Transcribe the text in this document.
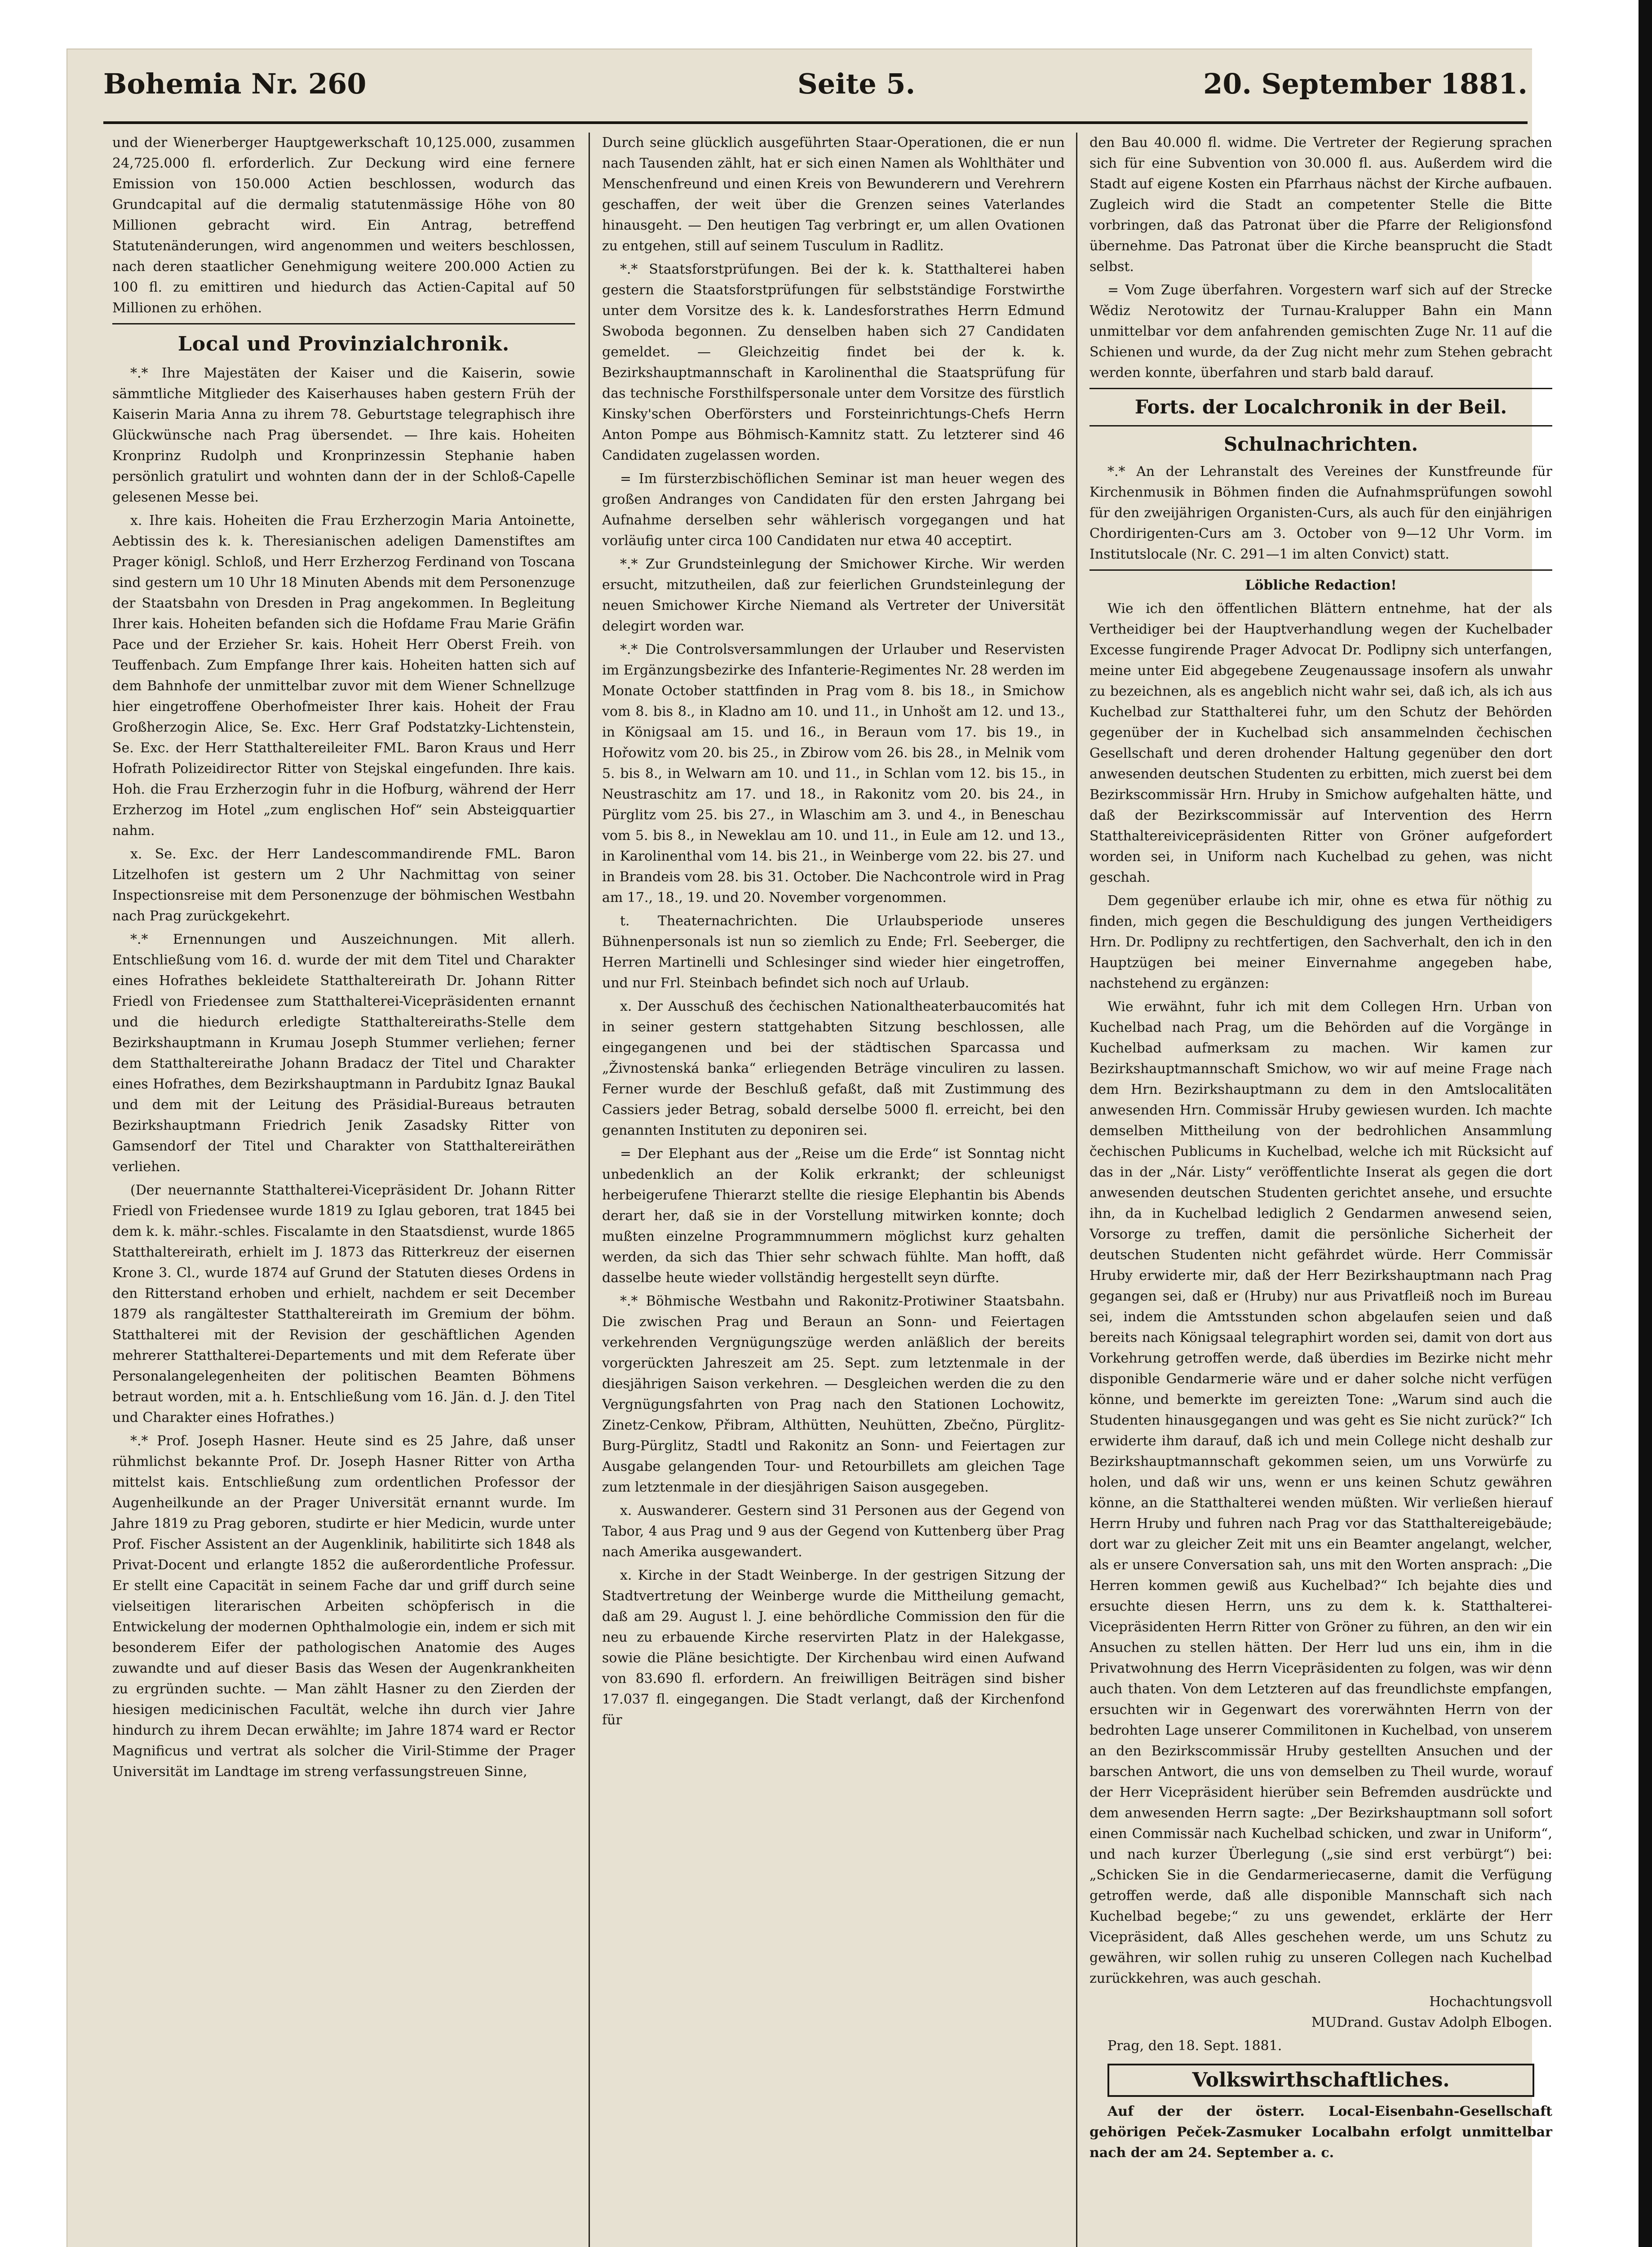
Bohemia Nr. 260	Seite 5.	20. September 1881.

und der Wienerberger Hauptgewerkschaft 10,125.000, zusammen 24,725.000 fl. erforderlich. Zur Deckung wird eine fernere Emission von 150.000 Actien beschlossen, wodurch das Grundcapital auf die dermalig statutenmässige Höhe von 80 Millionen gebracht wird. Ein Antrag, betreffend Statutenänderungen, wird angenommen und weiters beschlossen, nach deren staatlicher Genehmigung weitere 200.000 Actien zu 100 fl. zu emittiren und hiedurch das Actien-Capital auf 50 Millionen zu erhöhen.

Local und Provinzialchronik.

*.* Ihre Majestäten der Kaiser und die Kaiserin, sowie sämmtliche Mitglieder des Kaiserhauses haben gestern Früh der Kaiserin Maria Anna zu ihrem 78. Geburtstage telegraphisch ihre Glückwünsche nach Prag übersendet. — Ihre kais. Hoheiten Kronprinz Rudolph und Kronprinzessin Stephanie haben persönlich gratulirt und wohnten dann der in der Schloß-Capelle gelesenen Messe bei.

x. Ihre kais. Hoheiten die Frau Erzherzogin Maria Antoinette, Aebtissin des k. k. Theresianischen adeligen Damenstiftes am Prager königl. Schloß, und Herr Erzherzog Ferdinand von Toscana sind gestern um 10 Uhr 18 Minuten Abends mit dem Personenzuge der Staatsbahn von Dresden in Prag angekommen. In Begleitung Ihrer kais. Hoheiten befanden sich die Hofdame Frau Marie Gräfin Pace und der Erzieher Sr. kais. Hoheit Herr Oberst Freih. von Teuffenbach. Zum Empfange Ihrer kais. Hoheiten hatten sich auf dem Bahnhofe der unmittelbar zuvor mit dem Wiener Schnellzuge hier eingetroffene Oberhofmeister Ihrer kais. Hoheit der Frau Großherzogin Alice, Se. Exc. Herr Graf Podstatzky-Lichtenstein, Se. Exc. der Herr Statthaltereileiter FML. Baron Kraus und Herr Hofrath Polizeidirector Ritter von Stejskal eingefunden. Ihre kais. Hoh. die Frau Erzherzogin fuhr in die Hofburg, während der Herr Erzherzog im Hotel „zum englischen Hof“ sein Absteigquartier nahm.

x. Se. Exc. der Herr Landescommandirende FML. Baron Litzelhofen ist gestern um 2 Uhr Nachmittag von seiner Inspectionsreise mit dem Personenzuge der böhmischen Westbahn nach Prag zurückgekehrt.

*.* Ernennungen und Auszeichnungen. Mit allerh. Entschließung vom 16. d. wurde der mit dem Titel und Charakter eines Hofrathes bekleidete Statthaltereirath Dr. Johann Ritter Friedl von Friedensee zum Statthalterei-Vicepräsidenten ernannt und die hiedurch erledigte Statthaltereiraths-Stelle dem Bezirkshauptmann in Krumau Joseph Stummer verliehen; ferner dem Statthaltereirathe Johann Bradacz der Titel und Charakter eines Hofrathes, dem Bezirkshauptmann in Pardubitz Ignaz Baukal und dem mit der Leitung des Präsidial-Bureaus betrauten Bezirkshauptmann Friedrich Jenik Zasadsky Ritter von Gamsendorf der Titel und Charakter von Statthaltereiräthen verliehen.

(Der neuernannte Statthalterei-Vicepräsident Dr. Johann Ritter Friedl von Friedensee wurde 1819 zu Iglau geboren, trat 1845 bei dem k. k. mähr.-schles. Fiscalamte in den Staatsdienst, wurde 1865 Statthaltereirath, erhielt im J. 1873 das Ritterkreuz der eisernen Krone 3. Cl., wurde 1874 auf Grund der Statuten dieses Ordens in den Ritterstand erhoben und erhielt, nachdem er seit December 1879 als rangältester Statthaltereirath im Gremium der böhm. Statthalterei mit der Revision der geschäftlichen Agenden mehrerer Statthalterei-Departements und mit dem Referate über Personalangelegenheiten der politischen Beamten Böhmens betraut worden, mit a. h. Entschließung vom 16. Jän. d. J. den Titel und Charakter eines Hofrathes.)

*.* Prof. Joseph Hasner. Heute sind es 25 Jahre, daß unser rühmlichst bekannte Prof. Dr. Joseph Hasner Ritter von Artha mittelst kais. Entschließung zum ordentlichen Professor der Augenheilkunde an der Prager Universität ernannt wurde. Im Jahre 1819 zu Prag geboren, studirte er hier Medicin, wurde unter Prof. Fischer Assistent an der Augenklinik, habilitirte sich 1848 als Privat-Docent und erlangte 1852 die außerordentliche Professur. Er stellt eine Capacität in seinem Fache dar und griff durch seine vielseitigen literarischen Arbeiten schöpferisch in die Entwickelung der modernen Ophthalmologie ein, indem er sich mit besonderem Eifer der pathologischen Anatomie des Auges zuwandte und auf dieser Basis das Wesen der Augenkrankheiten zu ergründen suchte. — Man zählt Hasner zu den Zierden der hiesigen medicinischen Facultät, welche ihn durch vier Jahre hindurch zu ihrem Decan erwählte; im Jahre 1874 ward er Rector Magnificus und vertrat als solcher die Viril-Stimme der Prager Universität im Landtage im streng verfassungstreuen Sinne,

Durch seine glücklich ausgeführten Staar-Operationen, die er nun nach Tausenden zählt, hat er sich einen Namen als Wohlthäter und Menschenfreund und einen Kreis von Bewunderern und Verehrern geschaffen, der weit über die Grenzen seines Vaterlandes hinausgeht. — Den heutigen Tag verbringt er, um allen Ovationen zu entgehen, still auf seinem Tusculum in Radlitz.

*.* Staatsforstprüfungen. Bei der k. k. Statthalterei haben gestern die Staatsforstprüfungen für selbstständige Forstwirthe unter dem Vorsitze des k. k. Landesforstrathes Herrn Edmund Swoboda begonnen. Zu denselben haben sich 27 Candidaten gemeldet. — Gleichzeitig findet bei der k. k. Bezirkshauptmannschaft in Karolinenthal die Staatsprüfung für das technische Forsthilfspersonale unter dem Vorsitze des fürstlich Kinsky'schen Oberförsters und Forsteinrichtungs-Chefs Herrn Anton Pompe aus Böhmisch-Kamnitz statt. Zu letzterer sind 46 Candidaten zugelassen worden.

= Im fürsterzbischöflichen Seminar ist man heuer wegen des großen Andranges von Candidaten für den ersten Jahrgang bei Aufnahme derselben sehr wählerisch vorgegangen und hat vorläufig unter circa 100 Candidaten nur etwa 40 acceptirt.

*.* Zur Grundsteinlegung der Smichower Kirche. Wir werden ersucht, mitzutheilen, daß zur feierlichen Grundsteinlegung der neuen Smichower Kirche Niemand als Vertreter der Universität delegirt worden war.

*.* Die Controlsversammlungen der Urlauber und Reservisten im Ergänzungsbezirke des Infanterie-Regimentes Nr. 28 werden im Monate October stattfinden in Prag vom 8. bis 18., in Smichow vom 8. bis 8., in Kladno am 10. und 11., in Unhošt am 12. und 13., in Königsaal am 15. und 16., in Beraun vom 17. bis 19., in Hořowitz vom 20. bis 25., in Zbirow vom 26. bis 28., in Melnik vom 5. bis 8., in Welwarn am 10. und 11., in Schlan vom 12. bis 15., in Neustraschitz am 17. und 18., in Rakonitz vom 20. bis 24., in Pürglitz vom 25. bis 27., in Wlaschim am 3. und 4., in Beneschau vom 5. bis 8., in Neweklau am 10. und 11., in Eule am 12. und 13., in Karolinenthal vom 14. bis 21., in Weinberge vom 22. bis 27. und in Brandeis vom 28. bis 31. October. Die Nachcontrole wird in Prag am 17., 18., 19. und 20. November vorgenommen.

t. Theaternachrichten. Die Urlaubsperiode unseres Bühnenpersonals ist nun so ziemlich zu Ende; Frl. Seeberger, die Herren Martinelli und Schlesinger sind wieder hier eingetroffen, und nur Frl. Steinbach befindet sich noch auf Urlaub.

x. Der Ausschuß des čechischen Nationaltheaterbaucomités hat in seiner gestern stattgehabten Sitzung beschlossen, alle eingegangenen und bei der städtischen Sparcassa und „Živnostenská banka“ erliegenden Beträge vinculiren zu lassen. Ferner wurde der Beschluß gefaßt, daß mit Zustimmung des Cassiers jeder Betrag, sobald derselbe 5000 fl. erreicht, bei den genannten Instituten zu deponiren sei.

= Der Elephant aus der „Reise um die Erde“ ist Sonntag nicht unbedenklich an der Kolik erkrankt; der schleunigst herbeigerufene Thierarzt stellte die riesige Elephantin bis Abends derart her, daß sie in der Vorstellung mitwirken konnte; doch mußten einzelne Programmnummern möglichst kurz gehalten werden, da sich das Thier sehr schwach fühlte. Man hofft, daß dasselbe heute wieder vollständig hergestellt seyn dürfte.

*.* Böhmische Westbahn und Rakonitz-Protiwiner Staatsbahn. Die zwischen Prag und Beraun an Sonn- und Feiertagen verkehrenden Vergnügungszüge werden anläßlich der bereits vorgerückten Jahreszeit am 25. Sept. zum letztenmale in der diesjährigen Saison verkehren. — Desgleichen werden die zu den Vergnügungsfahrten von Prag nach den Stationen Lochowitz, Zinetz-Cenkow, Přibram, Althütten, Neuhütten, Zbečno, Pürglitz-Burg-Pürglitz, Stadtl und Rakonitz an Sonn- und Feiertagen zur Ausgabe gelangenden Tour- und Retourbillets am gleichen Tage zum letztenmale in der diesjährigen Saison ausgegeben.

x. Auswanderer. Gestern sind 31 Personen aus der Gegend von Tabor, 4 aus Prag und 9 aus der Gegend von Kuttenberg über Prag nach Amerika ausgewandert.

x. Kirche in der Stadt Weinberge. In der gestrigen Sitzung der Stadtvertretung der Weinberge wurde die Mittheilung gemacht, daß am 29. August l. J. eine behördliche Commission den für die neu zu erbauende Kirche reservirten Platz in der Halekgasse, sowie die Pläne besichtigte. Der Kirchenbau wird einen Aufwand von 83.690 fl. erfordern. An freiwilligen Beiträgen sind bisher 17.037 fl. eingegangen. Die Stadt verlangt, daß der Kirchenfond für

den Bau 40.000 fl. widme. Die Vertreter der Regierung sprachen sich für eine Subvention von 30.000 fl. aus. Außerdem wird die Stadt auf eigene Kosten ein Pfarrhaus nächst der Kirche aufbauen. Zugleich wird die Stadt an competenter Stelle die Bitte vorbringen, daß das Patronat über die Pfarre der Religionsfond übernehme. Das Patronat über die Kirche beansprucht die Stadt selbst.

= Vom Zuge überfahren. Vorgestern warf sich auf der Strecke Wědiz Nerotowitz der Turnau-Kralupper Bahn ein Mann unmittelbar vor dem anfahrenden gemischten Zuge Nr. 11 auf die Schienen und wurde, da der Zug nicht mehr zum Stehen gebracht werden konnte, überfahren und starb bald darauf.

Forts. der Localchronik in der Beil.
Schulnachrichten.

*.* An der Lehranstalt des Vereines der Kunstfreunde für Kirchenmusik in Böhmen finden die Aufnahmsprüfungen sowohl für den zweijährigen Organisten-Curs, als auch für den einjährigen Chordirigenten-Curs am 3. October von 9—12 Uhr Vorm. im Institutslocale (Nr. C. 291—1 im alten Convict) statt.

Löbliche Redaction!

Wie ich den öffentlichen Blättern entnehme, hat der als Vertheidiger bei der Hauptverhandlung wegen der Kuchelbader Excesse fungirende Prager Advocat Dr. Podlipny sich unterfangen, meine unter Eid abgegebene Zeugenaussage insofern als unwahr zu bezeichnen, als es angeblich nicht wahr sei, daß ich, als ich aus Kuchelbad zur Statthalterei fuhr, um den Schutz der Behörden gegenüber der in Kuchelbad sich ansammelnden čechischen Gesellschaft und deren drohender Haltung gegenüber den dort anwesenden deutschen Studenten zu erbitten, mich zuerst bei dem Bezirkscommissär Hrn. Hruby in Smichow aufgehalten hätte, und daß der Bezirkscommissär auf Intervention des Herrn Statthaltereivicepräsidenten Ritter von Gröner aufgefordert worden sei, in Uniform nach Kuchelbad zu gehen, was nicht geschah.

Dem gegenüber erlaube ich mir, ohne es etwa für nöthig zu finden, mich gegen die Beschuldigung des jungen Vertheidigers Hrn. Dr. Podlipny zu rechtfertigen, den Sachverhalt, den ich in den Hauptzügen bei meiner Einvernahme angegeben habe, nachstehend zu ergänzen:

Wie erwähnt, fuhr ich mit dem Collegen Hrn. Urban von Kuchelbad nach Prag, um die Behörden auf die Vorgänge in Kuchelbad aufmerksam zu machen. Wir kamen zur Bezirkshauptmannschaft Smichow, wo wir auf meine Frage nach dem Hrn. Bezirkshauptmann zu dem in den Amtslocalitäten anwesenden Hrn. Commissär Hruby gewiesen wurden. Ich machte demselben Mittheilung von der bedrohlichen Ansammlung čechischen Publicums in Kuchelbad, welche ich mit Rücksicht auf das in der „Nár. Listy“ veröffentlichte Inserat als gegen die dort anwesenden deutschen Studenten gerichtet ansehe, und ersuchte ihn, da in Kuchelbad lediglich 2 Gendarmen anwesend seien, Vorsorge zu treffen, damit die persönliche Sicherheit der deutschen Studenten nicht gefährdet würde. Herr Commissär Hruby erwiderte mir, daß der Herr Bezirkshauptmann nach Prag gegangen sei, daß er (Hruby) nur aus Privatfleiß noch im Bureau sei, indem die Amtsstunden schon abgelaufen seien und daß bereits nach Königsaal telegraphirt worden sei, damit von dort aus Vorkehrung getroffen werde, daß überdies im Bezirke nicht mehr disponible Gendarmerie wäre und er daher solche nicht verfügen könne, und bemerkte im gereizten Tone: „Warum sind auch die Studenten hinausgegangen und was geht es Sie nicht zurück?“ Ich erwiderte ihm darauf, daß ich und mein College nicht deshalb zur Bezirkshauptmannschaft gekommen seien, um uns Vorwürfe zu holen, und daß wir uns, wenn er uns keinen Schutz gewähren könne, an die Statthalterei wenden müßten. Wir verließen hierauf Herrn Hruby und fuhren nach Prag vor das Statthaltereigebäude; dort war zu gleicher Zeit mit uns ein Beamter angelangt, welcher, als er unsere Conversation sah, uns mit den Worten ansprach: „Die Herren kommen gewiß aus Kuchelbad?“ Ich bejahte dies und ersuchte diesen Herrn, uns zu dem k. k. Statthalterei-Vicepräsidenten Herrn Ritter von Gröner zu führen, an den wir ein Ansuchen zu stellen hätten. Der Herr lud uns ein, ihm in die Privatwohnung des Herrn Vicepräsidenten zu folgen, was wir denn auch thaten. Von dem Letzteren auf das freundlichste empfangen, ersuchten wir in Gegenwart des vorerwähnten Herrn von der bedrohten Lage unserer Commilitonen in Kuchelbad, von unserem an den Bezirkscommissär Hruby gestellten Ansuchen und der barschen Antwort, die uns von demselben zu Theil wurde, worauf der Herr Vicepräsident hierüber sein Befremden ausdrückte und dem anwesenden Herrn sagte: „Der Bezirkshauptmann soll sofort einen Commissär nach Kuchelbad schicken, und zwar in Uniform“, und nach kurzer Überlegung („sie sind erst verbürgt“) bei: „Schicken Sie in die Gendarmeriecaserne, damit die Verfügung getroffen werde, daß alle disponible Mannschaft sich nach Kuchelbad begebe;“ zu uns gewendet, erklärte der Herr Vicepräsident, daß Alles geschehen werde, um uns Schutz zu gewähren, wir sollen ruhig zu unseren Collegen nach Kuchelbad zurückkehren, was auch geschah.

Hochachtungsvoll

MUDrand. Gustav Adolph Elbogen.

Prag, den 18. Sept. 1881.

Volkswirthschaftliches.

Auf der der österr. Local-Eisenbahn-Gesellschaft gehörigen Peček-Zasmuker Localbahn erfolgt unmittelbar nach der am 24. September a. c.
